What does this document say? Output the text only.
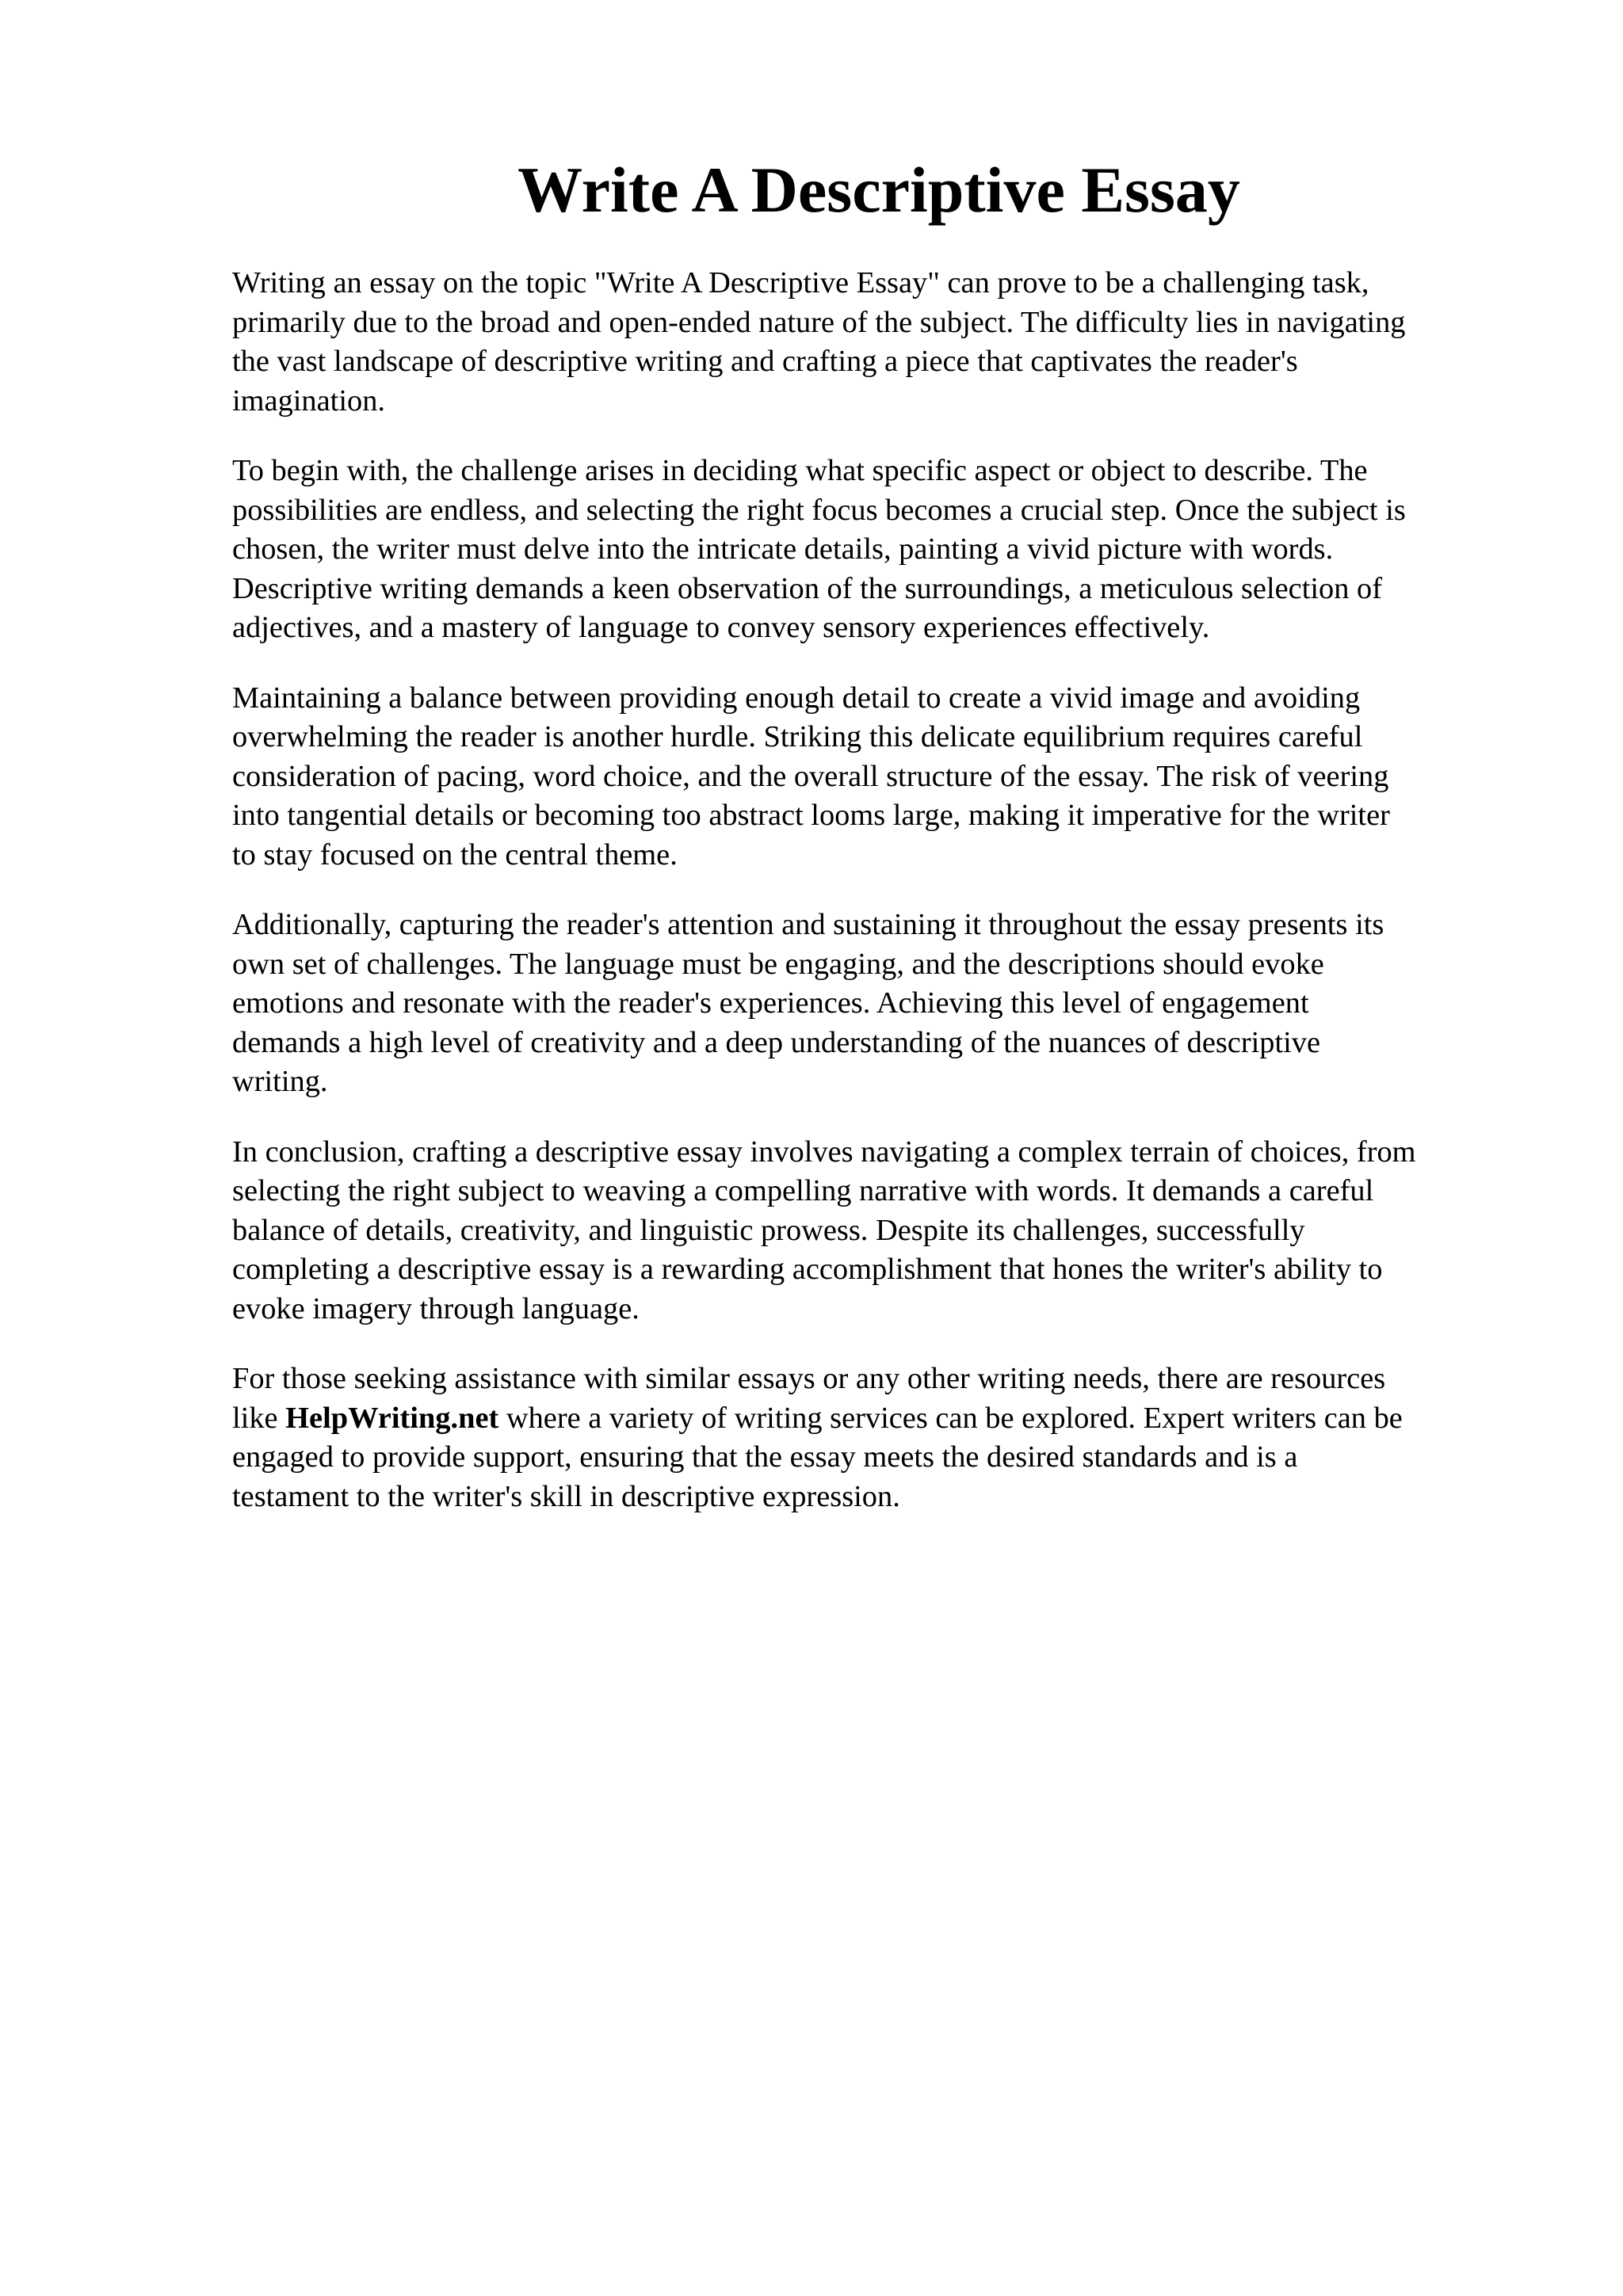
Write A Descriptive Essay

Writing an essay on the topic "Write A Descriptive Essay" can prove to be a challenging task,
primarily due to the broad and open-ended nature of the subject. The difficulty lies in navigating
the vast landscape of descriptive writing and crafting a piece that captivates the reader's
imagination.

To begin with, the challenge arises in deciding what specific aspect or object to describe. The
possibilities are endless, and selecting the right focus becomes a crucial step. Once the subject is
chosen, the writer must delve into the intricate details, painting a vivid picture with words.
Descriptive writing demands a keen observation of the surroundings, a meticulous selection of
adjectives, and a mastery of language to convey sensory experiences effectively.

Maintaining a balance between providing enough detail to create a vivid image and avoiding
overwhelming the reader is another hurdle. Striking this delicate equilibrium requires careful
consideration of pacing, word choice, and the overall structure of the essay. The risk of veering
into tangential details or becoming too abstract looms large, making it imperative for the writer
to stay focused on the central theme.

Additionally, capturing the reader's attention and sustaining it throughout the essay presents its
own set of challenges. The language must be engaging, and the descriptions should evoke
emotions and resonate with the reader's experiences. Achieving this level of engagement
demands a high level of creativity and a deep understanding of the nuances of descriptive
writing.

In conclusion, crafting a descriptive essay involves navigating a complex terrain of choices, from
selecting the right subject to weaving a compelling narrative with words. It demands a careful
balance of details, creativity, and linguistic prowess. Despite its challenges, successfully
completing a descriptive essay is a rewarding accomplishment that hones the writer's ability to
evoke imagery through language.

For those seeking assistance with similar essays or any other writing needs, there are resources
like HelpWriting.net where a variety of writing services can be explored. Expert writers can be
engaged to provide support, ensuring that the essay meets the desired standards and is a
testament to the writer's skill in descriptive expression.
